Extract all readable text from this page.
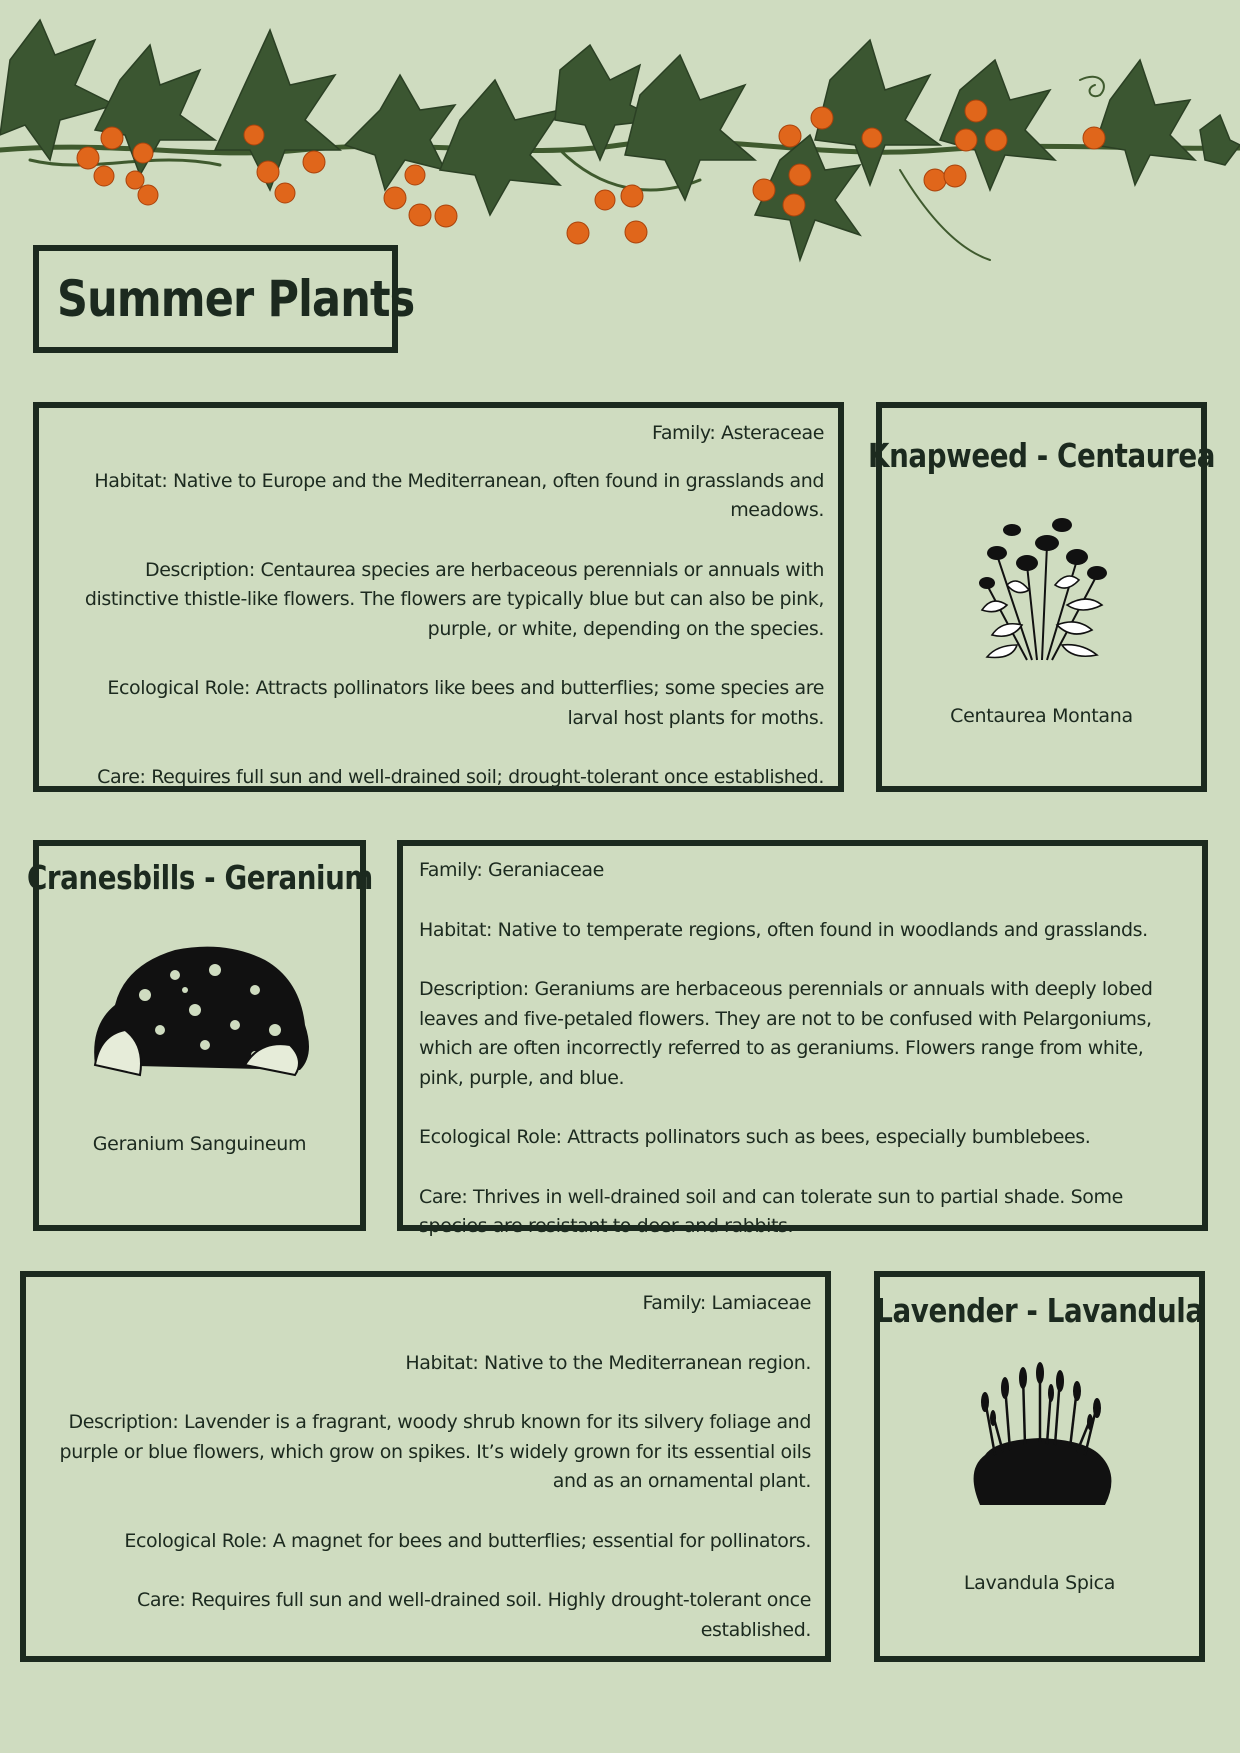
Summer Plants

Family: Asteraceae

Habitat: Native to Europe and the Mediterranean, often found in grasslands and meadows.

Description: Centaurea species are herbaceous perennials or annuals with distinctive thistle-like flowers. The flowers are typically blue but can also be pink, purple, or white, depending on the species.

Ecological Role: Attracts pollinators like bees and butterflies; some species are larval host plants for moths.

Care: Requires full sun and well-drained soil; drought-tolerant once established.

Knapweed - Centaurea
Centaurea Montana
Cranesbills - Geranium
Geranium Sanguineum

Family: Geraniaceae

Habitat: Native to temperate regions, often found in woodlands and grasslands.

Description: Geraniums are herbaceous perennials or annuals with deeply lobed leaves and five-petaled flowers. They are not to be confused with Pelargoniums, which are often incorrectly referred to as geraniums. Flowers range from white, pink, purple, and blue.

Ecological Role: Attracts pollinators such as bees, especially bumblebees.

Care: Thrives in well-drained soil and can tolerate sun to partial shade. Some species are resistant to deer and rabbits.

Family: Lamiaceae

Habitat: Native to the Mediterranean region.

Description: Lavender is a fragrant, woody shrub known for its silvery foliage and purple or blue flowers, which grow on spikes. It’s widely grown for its essential oils and as an ornamental plant.

Ecological Role: A magnet for bees and butterflies; essential for pollinators.

Care: Requires full sun and well-drained soil. Highly drought-tolerant once established.

Lavender - Lavandula
Lavandula Spica
